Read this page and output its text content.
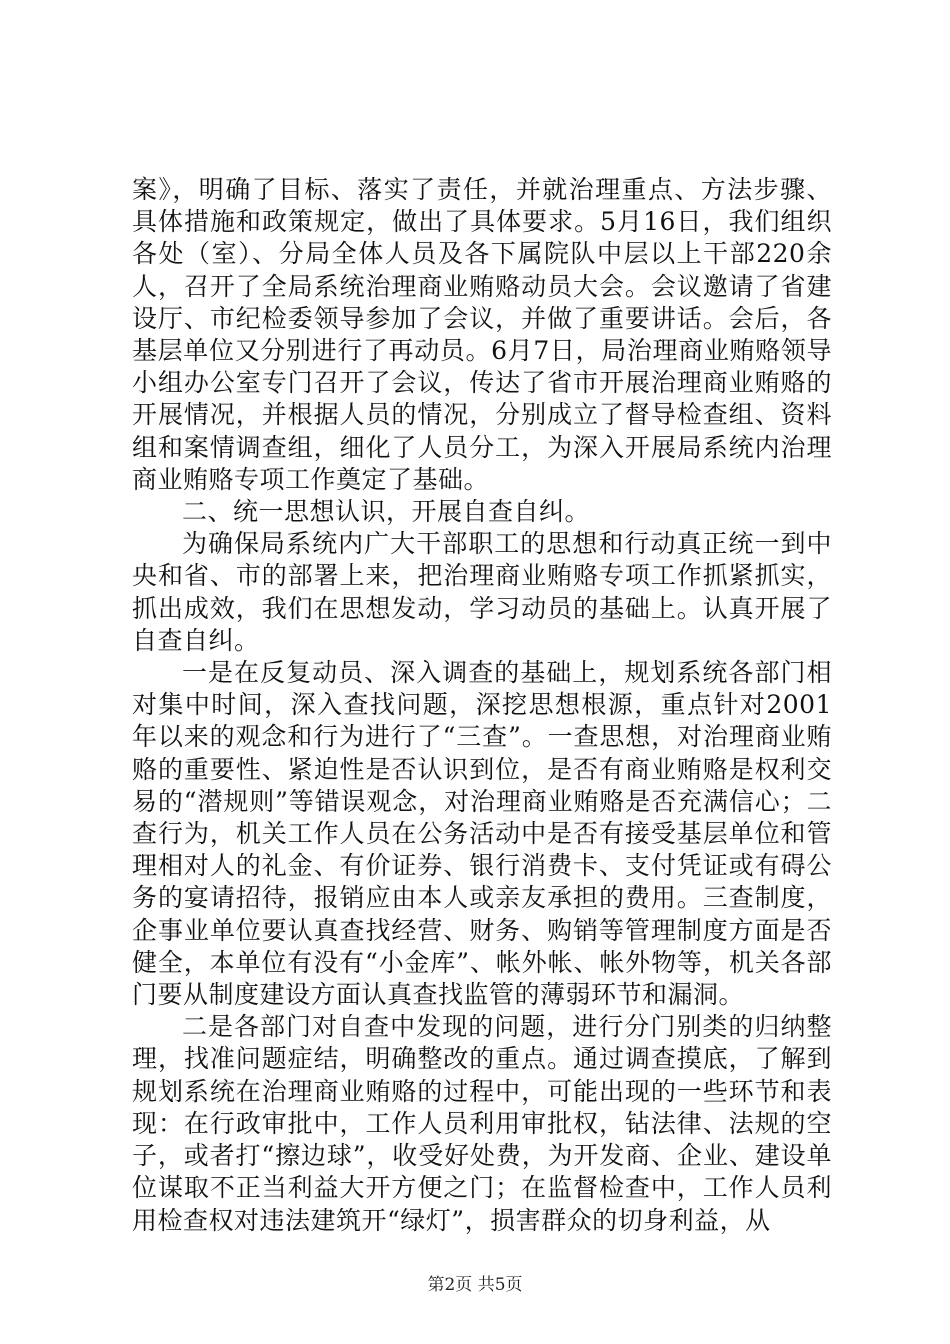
案》，明确了目标、落实了责任，并就治理重点、方法步骤、具体措施和政策规定，做出了具体要求。5月16日，我们组织各处（室）、分局全体人员及各下属院队中层以上干部220余人，召开了全局系统治理商业贿赂动员大会。会议邀请了省建设厅、市纪检委领导参加了会议，并做了重要讲话。会后，各基层单位又分别进行了再动员。6月7日，局治理商业贿赂领导小组办公室专门召开了会议，传达了省市开展治理商业贿赂的开展情况，并根据人员的情况，分别成立了督导检查组、资料组和案情调查组，细化了人员分工，为深入开展局系统内治理商业贿赂专项工作奠定了基础。

二、统一思想认识，开展自查自纠。

为确保局系统内广大干部职工的思想和行动真正统一到中央和省、市的部署上来，把治理商业贿赂专项工作抓紧抓实，抓出成效，我们在思想发动，学习动员的基础上。认真开展了自查自纠。

一是在反复动员、深入调查的基础上，规划系统各部门相对集中时间，深入查找问题，深挖思想根源，重点针对2001年以来的观念和行为进行了“三查”。一查思想，对治理商业贿赂的重要性、紧迫性是否认识到位，是否有商业贿赂是权利交易的“潜规则”等错误观念，对治理商业贿赂是否充满信心；二查行为，机关工作人员在公务活动中是否有接受基层单位和管理相对人的礼金、有价证券、银行消费卡、支付凭证或有碍公务的宴请招待，报销应由本人或亲友承担的费用。三查制度，企事业单位要认真查找经营、财务、购销等管理制度方面是否健全，本单位有没有“小金库”、帐外帐、帐外物等，机关各部门要从制度建设方面认真查找监管的薄弱环节和漏洞。

二是各部门对自查中发现的问题，进行分门别类的归纳整理，找准问题症结，明确整改的重点。通过调查摸底，了解到规划系统在治理商业贿赂的过程中，可能出现的一些环节和表现：在行政审批中，工作人员利用审批权，钻法律、法规的空子，或者打“擦边球”，收受好处费，为开发商、企业、建设单位谋取不正当利益大开方便之门；在监督检查中，工作人员利用检查权对违法建筑开“绿灯”，损害群众的切身利益，从

第2页 共5页
